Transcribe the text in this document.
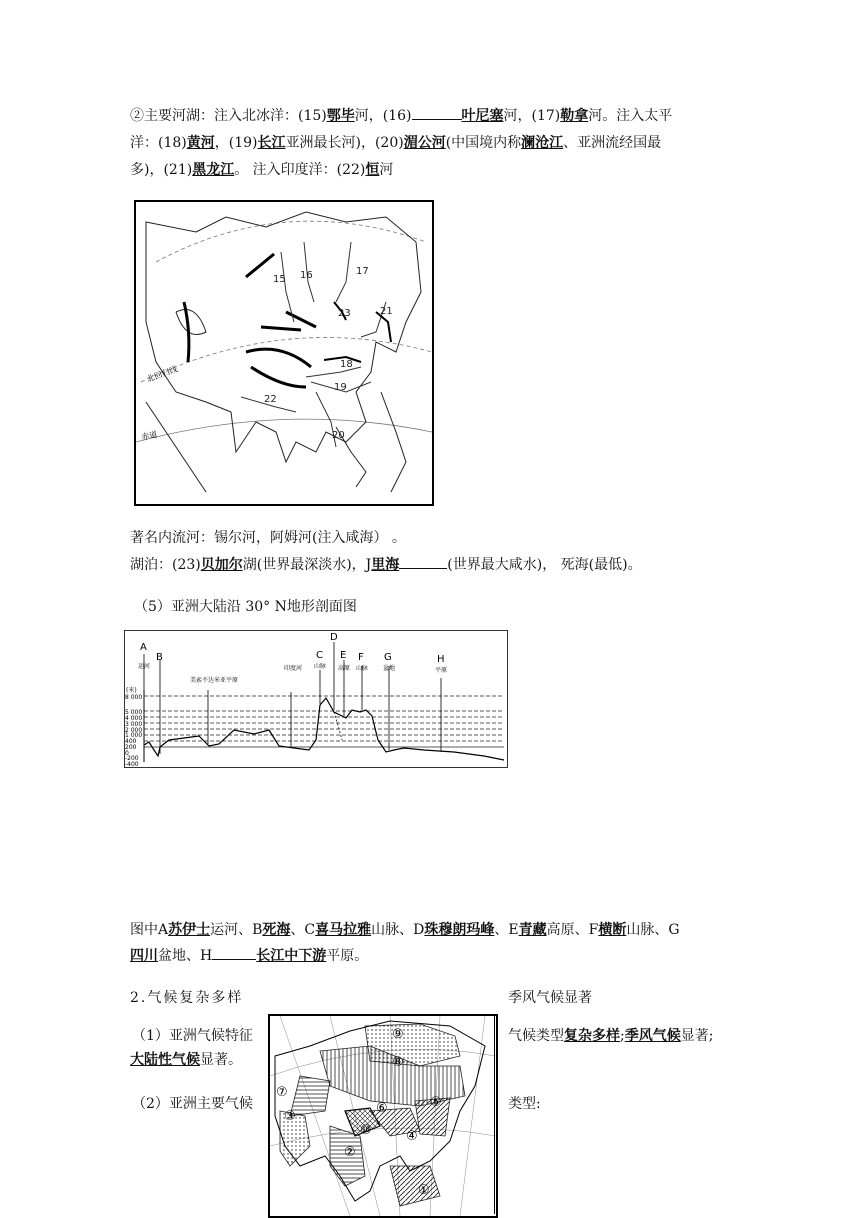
②主要河湖：注入北冰洋：(15)鄂毕河，(16)	叶尼塞河，(17)勒拿河。注入太平
洋：(18)黄河，(19)长江亚洲最长河)，(20)湄公河(中国境内称澜沧江、亚洲流经国最
多)，(21)黑龙江。 注入印度洋：(22)恒河
15 16	17
23	21
18
19
22
20
北回归线
赤道
著名内流河：锡尔河，阿姆河(注入咸海） 。
湖泊：(23)贝加尔湖(世界最深淡水)，J里海	(世界最大咸水)， 死海(最低)。
（5）亚洲大陆沿 30° N地形剖面图
A
B	C
D
E F G	H
运河
美索不达米亚平原
印度河 山脉 高原 山脉 盆地	平原
(米)
8 000
5 000
4 000
3 000
2 000
1 000
400
200
0
-200
-400
图中A苏伊士运河、B死海、C喜马拉雅山脉、D珠穆朗玛峰、E青藏高原、F横断山脉、G
四川盆地、H	长江中下游平原。
2.气候复杂多样	季风气候显著
（1）亚洲气候特征
大陆性气候显著。
气候类型复杂多样;季风气候显著;
（2）亚洲主要气候	类型:
⑨
⑧
⑦
⑥	⑤
④
③
②
①
⑩
